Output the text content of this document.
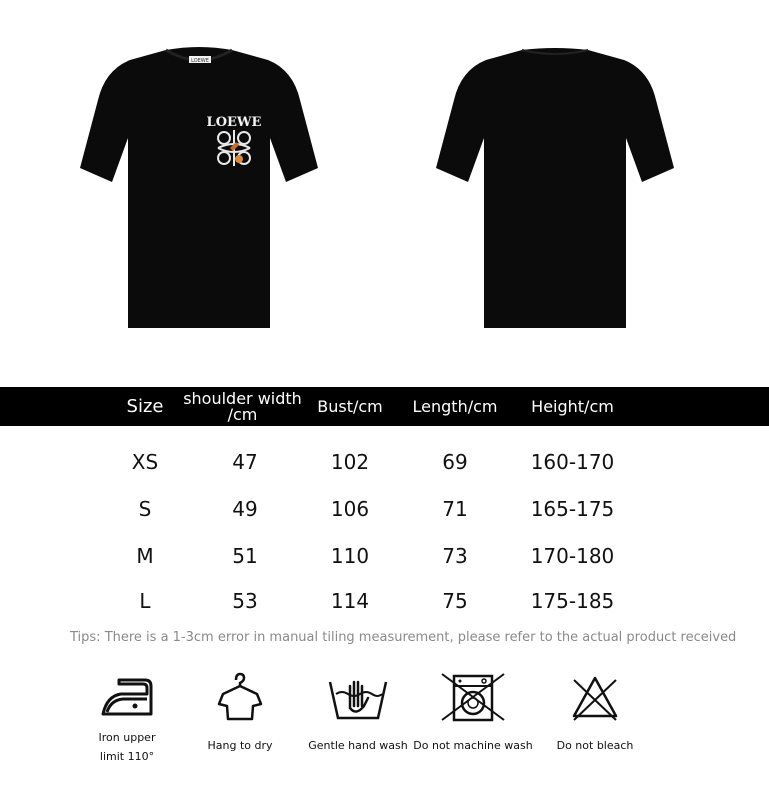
LOEWE
LOEWE
Size	shoulder width /cm	Bust/cm	Length/cm	Height/cm
XS	47	102	69	160-170
S	49	106	71	165-175
M	51	110	73	170-180
L	53	114	75	175-185
Tips: There is a 1-3cm error in manual tiling measurement, please refer to the actual product received
Iron upper
limit 110°
Hang to dry	Gentle hand wash Do not machine wash	Do not bleach
